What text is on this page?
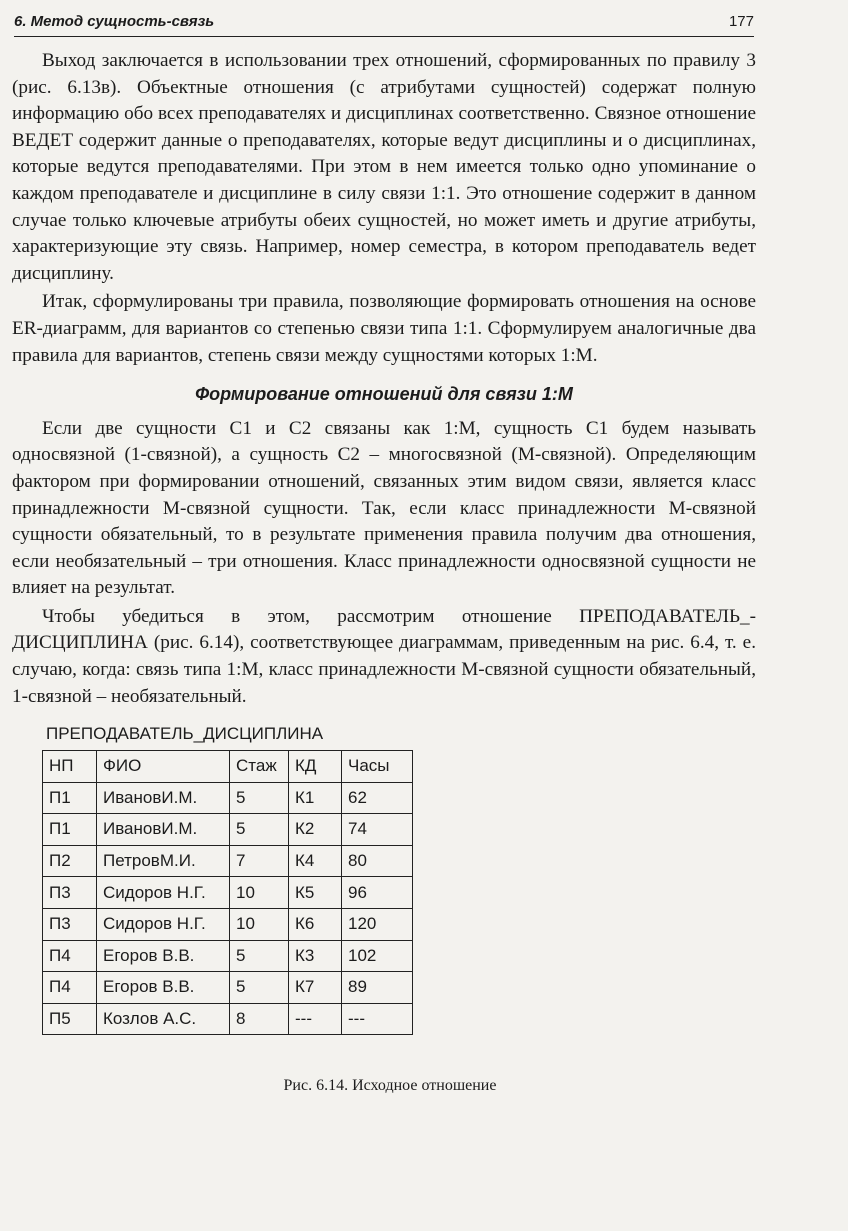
6. Метод сущность-связь	177

Выход заключается в использовании трех отношений, сформированных по правилу 3 (рис. 6.13в). Объектные отношения (с атрибутами сущностей) содержат полную информацию обо всех преподавателях и дисциплинах соответственно. Связное отношение ВЕДЕТ содержит данные о преподавателях, которые ведут дисциплины и о дисциплинах, которые ведутся преподавателями. При этом в нем имеется только одно упоминание о каждом преподавателе и дисциплине в силу связи 1:1. Это отношение содержит в данном случае только ключевые атрибуты обеих сущностей, но может иметь и другие атрибуты, характеризующие эту связь. Например, номер семестра, в котором преподаватель ведет дисциплину.

Итак, сформулированы три правила, позволяющие формировать отношения на основе ER-диаграмм, для вариантов со степенью связи типа 1:1. Сформулируем аналогичные два правила для вариантов, степень связи между сущностями которых 1:М.

Формирование отношений для связи 1:М

Если две сущности С1 и С2 связаны как 1:М, сущность С1 будем называть односвязной (1-связной), а сущность С2 – многосвязной (М-связной). Определяющим фактором при формировании отношений, связанных этим видом связи, является класс принадлежности М-связной сущности. Так, если класс принадлежности М-связной сущности обязательный, то в результате применения правила получим два отношения, если необязательный – три отношения. Класс принадлежности односвязной сущности не влияет на результат.

Чтобы убедиться в этом, рассмотрим отношение ПРЕПОДАВАТЕЛЬ_-ДИСЦИПЛИНА (рис. 6.14), соответствующее диаграммам, приведенным на рис. 6.4, т. е. случаю, когда: связь типа 1:М, класс принадлежности М-связной сущности обязательный, 1-связной – необязательный.

ПРЕПОДАВАТЕЛЬ_ДИСЦИПЛИНА
НП	ФИО	Стаж	КД	Часы
П1	ИвановИ.М.	5	К1	62
П1	ИвановИ.М.	5	К2	74
П2	ПетровМ.И.	7	К4	80
П3	Сидоров Н.Г.	10	К5	96
П3	Сидоров Н.Г.	10	К6	120
П4	Егоров В.В.	5	К3	102
П4	Егоров В.В.	5	К7	89
П5	Козлов А.С.	8	---	---
Рис. 6.14. Исходное отношение
